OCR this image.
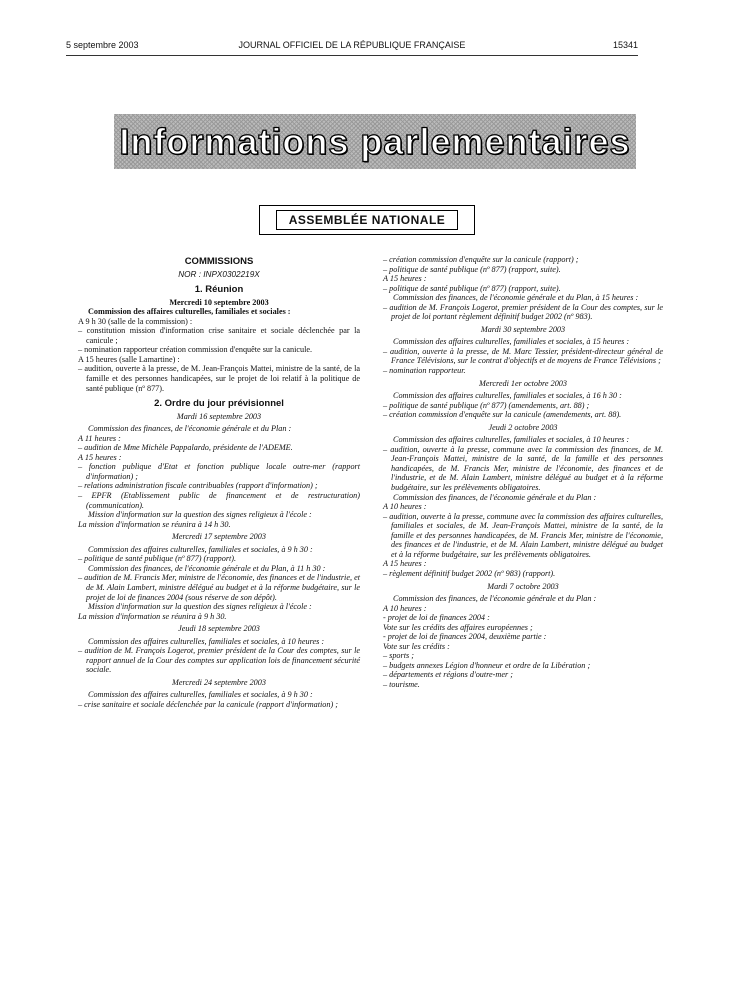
5 septembre 2003	JOURNAL OFFICIEL DE LA RÉPUBLIQUE FRANÇAISE	15341
Informations parlementaires
ASSEMBLÉE NATIONALE
COMMISSIONS
NOR : INPX0302219X
1. Réunion
Mercredi 10 septembre 2003
Commission des affaires culturelles, familiales et sociales :
A 9 h 30 (salle de la commission) :
– constitution mission d'information crise sanitaire et sociale déclenchée par la canicule ;
– nomination rapporteur création commission d'enquête sur la canicule.
A 15 heures (salle Lamartine) :
– audition, ouverte à la presse, de M. Jean-François Mattei, ministre de la santé, de la famille et des personnes handicapées, sur le projet de loi relatif à la politique de santé publique (nº 877).
2. Ordre du jour prévisionnel
Mardi 16 septembre 2003
Commission des finances, de l'économie générale et du Plan :
A 11 heures :
– audition de Mme Michèle Pappalardo, présidente de l'ADEME.
A 15 heures :
– fonction publique d'Etat et fonction publique locale outre-mer (rapport d'information) ;
– relations administration fiscale contribuables (rapport d'information) ;
– EPFR (Etablissement public de financement et de restructuration) (communication).
Mission d'information sur la question des signes religieux à l'école :
La mission d'information se réunira à 14 h 30.
Mercredi 17 septembre 2003
Commission des affaires culturelles, familiales et sociales, à 9 h 30 :
– politique de santé publique (nº 877) (rapport).
Commission des finances, de l'économie générale et du Plan, à 11 h 30 :
– audition de M. Francis Mer, ministre de l'économie, des finances et de l'industrie, et de M. Alain Lambert, ministre délégué au budget et à la réforme budgétaire, sur le projet de loi de finances 2004 (sous réserve de son dépôt).
Mission d'information sur la question des signes religieux à l'école :
La mission d'information se réunira à 9 h 30.
Jeudi 18 septembre 2003
Commission des affaires culturelles, familiales et sociales, à 10 heures :
– audition de M. François Logerot, premier président de la Cour des comptes, sur le rapport annuel de la Cour des comptes sur application lois de financement sécurité sociale.
Mercredi 24 septembre 2003
Commission des affaires culturelles, familiales et sociales, à 9 h 30 :
– crise sanitaire et sociale déclenchée par la canicule (rapport d'information) ;
– création commission d'enquête sur la canicule (rapport) ;
– politique de santé publique (nº 877) (rapport, suite).
A 15 heures :
– politique de santé publique (nº 877) (rapport, suite).
Commission des finances, de l'économie générale et du Plan, à 15 heures :
– audition de M. François Logerot, premier président de la Cour des comptes, sur le projet de loi portant règlement définitif budget 2002 (nº 983).
Mardi 30 septembre 2003
Commission des affaires culturelles, familiales et sociales, à 15 heures :
– audition, ouverte à la presse, de M. Marc Tessier, président-directeur général de France Télévisions, sur le contrat d'objectifs et de moyens de France Télévisions ;
– nomination rapporteur.
Mercredi 1er octobre 2003
Commission des affaires culturelles, familiales et sociales, à 16 h 30 :
– politique de santé publique (nº 877) (amendements, art. 88) ;
– création commission d'enquête sur la canicule (amendements, art. 88).
Jeudi 2 octobre 2003
Commission des affaires culturelles, familiales et sociales, à 10 heures :
– audition, ouverte à la presse, commune avec la commission des finances, de M. Jean-François Mattei, ministre de la santé, de la famille et des personnes handicapées, de M. Francis Mer, ministre de l'économie, des finances et de l'industrie, et de M. Alain Lambert, ministre délégué au budget et à la réforme budgétaire, sur les prélèvements obligatoires.
Commission des finances, de l'économie générale et du Plan :
A 10 heures :
– audition, ouverte à la presse, commune avec la commission des affaires culturelles, familiales et sociales, de M. Jean-François Mattei, ministre de la santé, de la famille et des personnes handicapées, de M. Francis Mer, ministre de l'économie, des finances et de l'industrie, et de M. Alain Lambert, ministre délégué au budget et à la réforme budgétaire, sur les prélèvements obligatoires.
A 15 heures :
– règlement définitif budget 2002 (nº 983) (rapport).
Mardi 7 octobre 2003
Commission des finances, de l'économie générale et du Plan :
A 10 heures :
- projet de loi de finances 2004 :
Vote sur les crédits des affaires européennes ;
- projet de loi de finances 2004, deuxième partie :
Vote sur les crédits :
– sports ;
– budgets annexes Légion d'honneur et ordre de la Libération ;
– départements et régions d'outre-mer ;
– tourisme.
